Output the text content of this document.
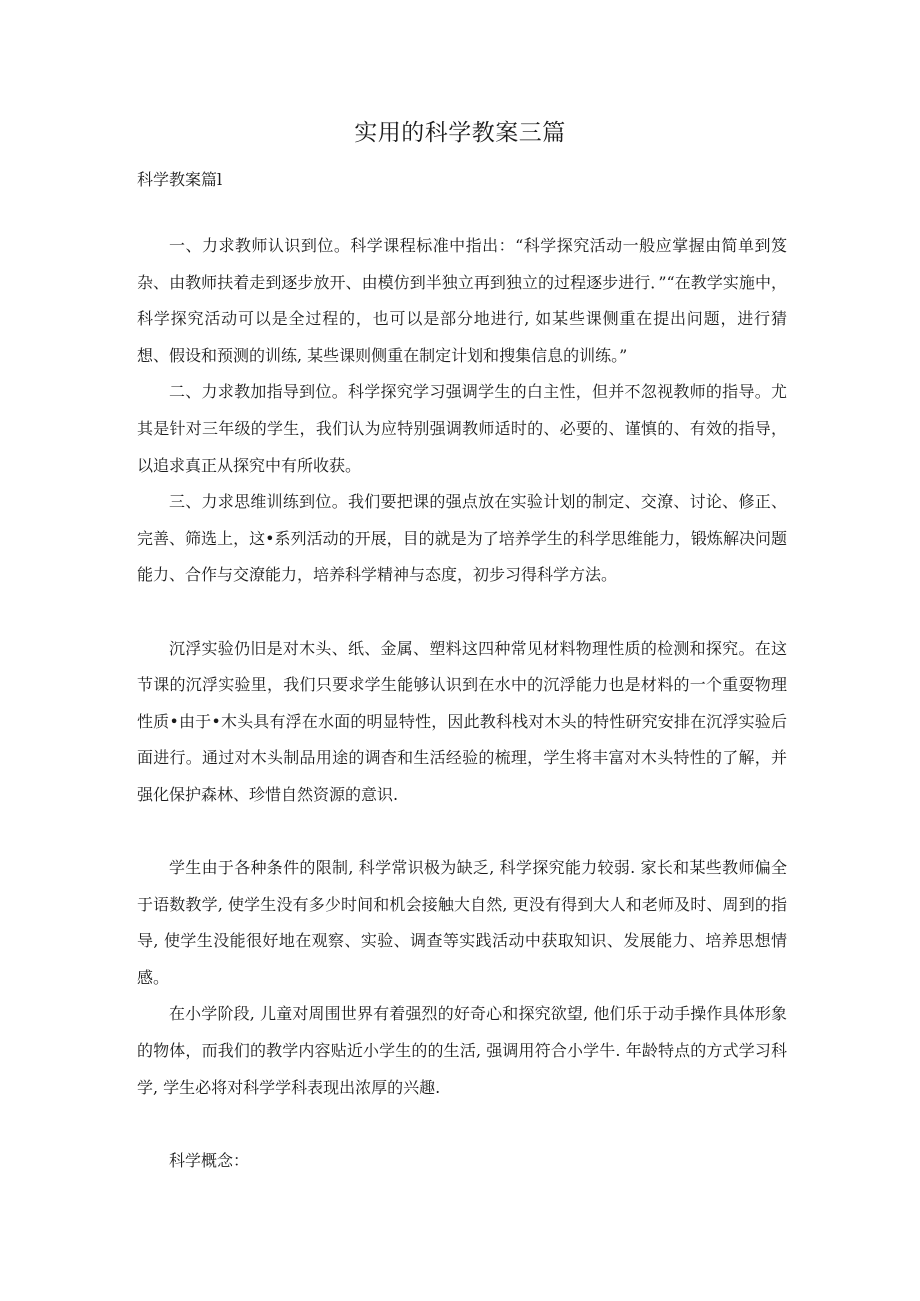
实用的科学教案三篇
科学教案篇l

一、力求教师认识到位。科学课程标准中指出：“科学探究活动一般应掌握由简单到笈杂、由教师扶着走到逐步放开、由模仿到半独立再到独立的过程逐步进行．”“在教学实施中，科学探究活动可以是全过程的，也可以是部分地进行, 如某些课侧重在提出问题，进行猜想、假设和预测的训练, 某些课则侧重在制定计划和搜集信息的训练。”

二、力求教加指导到位。科学探究学习强调学生的白主性，但并不忽视教师的指导。尤其是针对三年级的学生，我们认为应特别强调教师适时的、必要的、谨慎的、有效的指导，以追求真正从探究中有所收获。

三、力求思维训练到位。我们要把课的强点放在实验计划的制定、交潦、讨论、修正、完善、筛选上，这•系列活动的开展，目的就是为了培养学生的科学思维能力，锻炼解决问题能力、合作与交潦能力，培养科学精神与态度，初步习得科学方法。

沉浮实验仍旧是对木头、纸、金属、塑料这四种常见材料物理性质的检测和探究。在这节课的沉浮实验里，我们只要求学生能够认识到在水中的沉浮能力也是材料的一个重耍物理性质•由于•木头具有浮在水面的明显特性，因此教科栈对木头的特性研究安排在沉浮实验后面进行。通过对木头制品用途的调杳和生活经验的梳理，学生将丰富对木头特性的了解，并强化保护森林、珍惜自然资源的意识.

学生由于各种条件的限制, 科学常识极为缺乏, 科学探究能力较弱. 家长和某些教师偏全于语数教学, 使学生没有多少时间和机会接触大自然, 更没有得到大人和老师及时、周到的指导, 使学生没能很好地在观察、实验、调查等实践活动中获取知识、发展能力、培养思想情感。

在小学阶段, 儿童对周围世界有着强烈的好奇心和探究欲望, 他们乐于动手操作具体形象的物体，而我们的教学内容贴近小学生的的生活, 强调用符合小学牛. 年龄特点的方式学习科学, 学生必将对科学学科表现出浓厚的兴趣.

科学概念：
